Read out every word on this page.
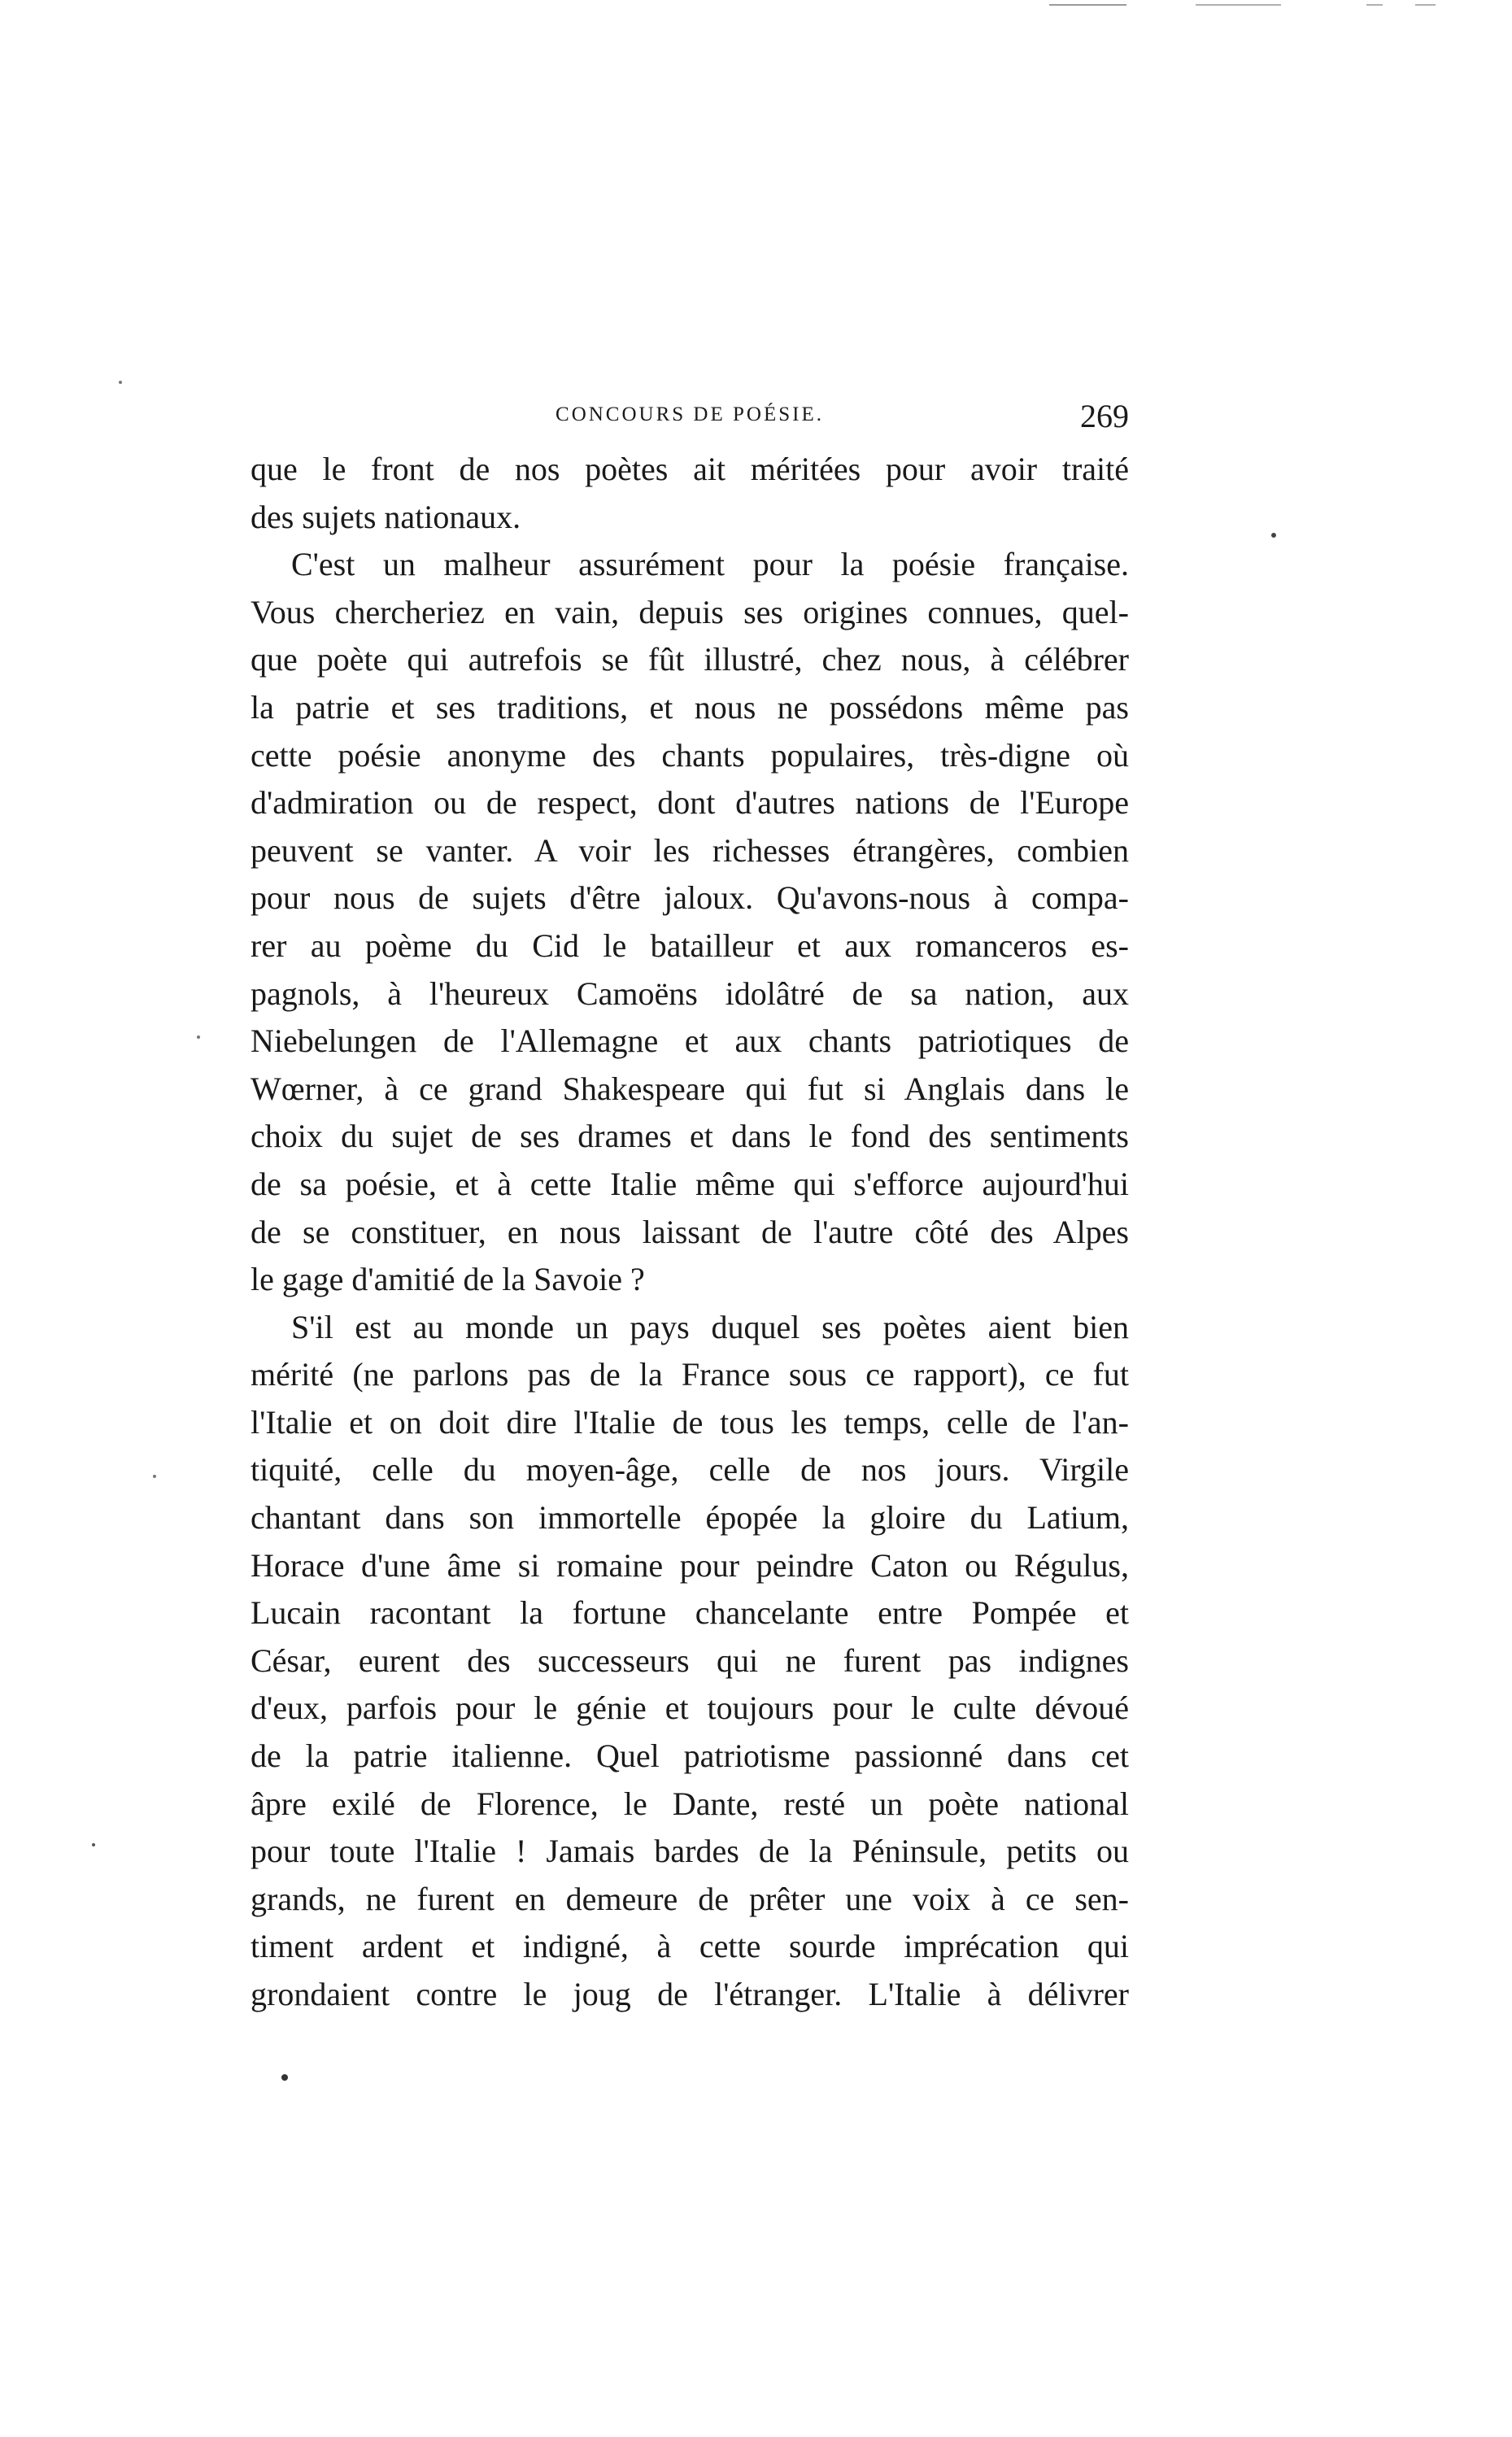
CONCOURS DE POÉSIE.	269
que le front de nos poètes ait méritées pour avoir traité
des sujets nationaux.
C'est un malheur assurément pour la poésie française.
Vous chercheriez en vain, depuis ses origines connues, quel-
que poète qui autrefois se fût illustré, chez nous, à célébrer
la patrie et ses traditions, et nous ne possédons même pas
cette poésie anonyme des chants populaires, très-digne où
d'admiration ou de respect, dont d'autres nations de l'Europe
peuvent se vanter. A voir les richesses étrangères, combien
pour nous de sujets d'être jaloux. Qu'avons-nous à compa-
rer au poème du Cid le batailleur et aux romanceros es-
pagnols, à l'heureux Camoëns idolâtré de sa nation, aux
Niebelungen de l'Allemagne et aux chants patriotiques de
Wœrner, à ce grand Shakespeare qui fut si Anglais dans le
choix du sujet de ses drames et dans le fond des sentiments
de sa poésie, et à cette Italie même qui s'efforce aujourd'hui
de se constituer, en nous laissant de l'autre côté des Alpes
le gage d'amitié de la Savoie ?
S'il est au monde un pays duquel ses poètes aient bien
mérité (ne parlons pas de la France sous ce rapport), ce fut
l'Italie et on doit dire l'Italie de tous les temps, celle de l'an-
tiquité, celle du moyen-âge, celle de nos jours. Virgile
chantant dans son immortelle épopée la gloire du Latium,
Horace d'une âme si romaine pour peindre Caton ou Régulus,
Lucain racontant la fortune chancelante entre Pompée et
César, eurent des successeurs qui ne furent pas indignes
d'eux, parfois pour le génie et toujours pour le culte dévoué
de la patrie italienne. Quel patriotisme passionné dans cet
âpre exilé de Florence, le Dante, resté un poète national
pour toute l'Italie ! Jamais bardes de la Péninsule, petits ou
grands, ne furent en demeure de prêter une voix à ce sen-
timent ardent et indigné, à cette sourde imprécation qui
grondaient contre le joug de l'étranger. L'Italie à délivrer
